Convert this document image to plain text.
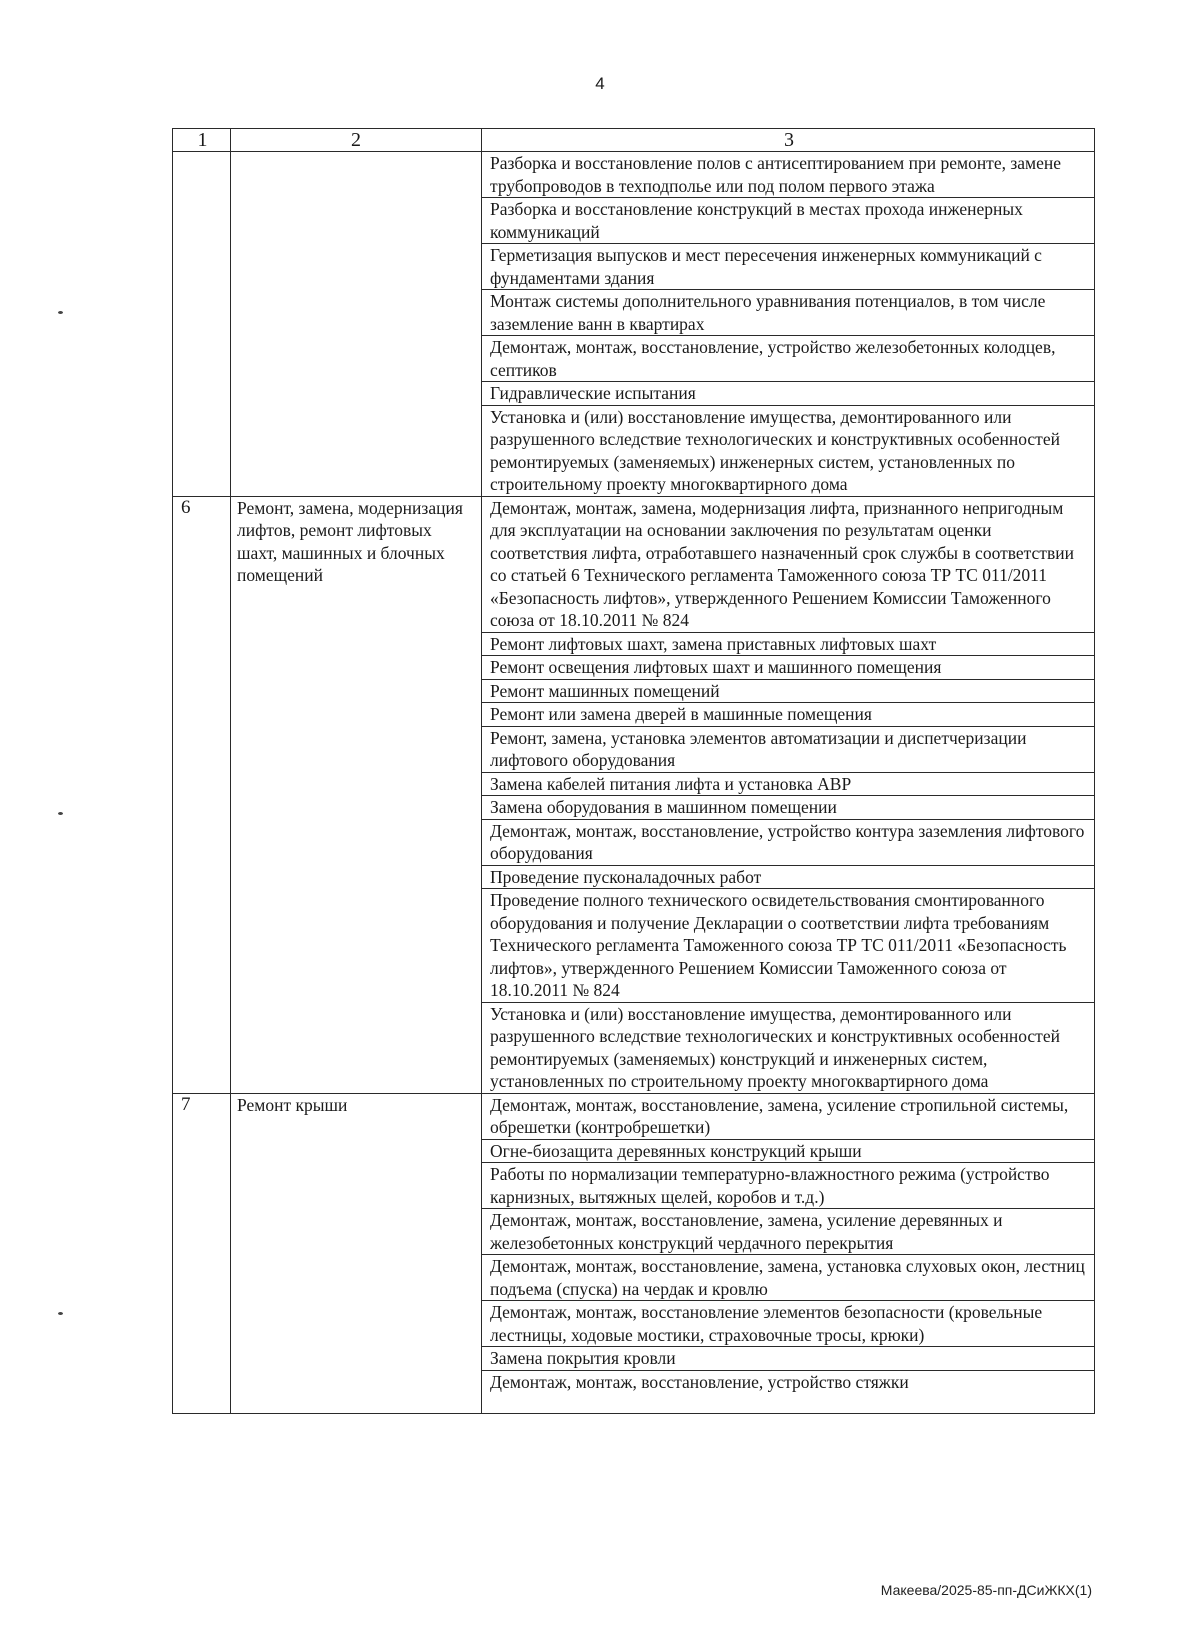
4
1	2	3
		Разборка и восстановление полов с антисептированием при ремонте, замене трубопроводов в техподполье или под полом первого этажа
		Разборка и восстановление конструкций в местах прохода инженерных коммуникаций
		Герметизация выпусков и мест пересечения инженерных коммуникаций с фундаментами здания
		Монтаж системы дополнительного уравнивания потенциалов, в том числе заземление ванн в квартирах
		Демонтаж, монтаж, восстановление, устройство железобетонных колодцев, септиков
		Гидравлические испытания
		Установка и (или) восстановление имущества, демонтированного или разрушенного вследствие технологических и конструктивных особенностей ремонтируемых (заменяемых) инженерных систем, установленных по строительному проекту многоквартирного дома
6	Ремонт, замена, модернизация лифтов, ремонт лифтовых шахт, машинных и блочных помещений	Демонтаж, монтаж, замена, модернизация лифта, признанного непригодным для эксплуатации на основании заключения по результатам оценки соответствия лифта, отработавшего назначенный срок службы в соответствии со статьей 6 Технического регламента Таможенного союза ТР ТС 011/2011 «Безопасность лифтов», утвержденного Решением Комиссии Таможенного союза от 18.10.2011 № 824
		Ремонт лифтовых шахт, замена приставных лифтовых шахт
		Ремонт освещения лифтовых шахт и машинного помещения
		Ремонт машинных помещений
		Ремонт или замена дверей в машинные помещения
		Ремонт, замена, установка элементов автоматизации и диспетчеризации лифтового оборудования
		Замена кабелей питания лифта и установка АВР
		Замена оборудования в машинном помещении
		Демонтаж, монтаж, восстановление, устройство контура заземления лифтового оборудования
		Проведение пусконаладочных работ
		Проведение полного технического освидетельствования смонтированного оборудования и получение Декларации о соответствии лифта требованиям Технического регламента Таможенного союза ТР ТС 011/2011 «Безопасность лифтов», утвержденного Решением Комиссии Таможенного союза от 18.10.2011 № 824
		Установка и (или) восстановление имущества, демонтированного или разрушенного вследствие технологических и конструктивных особенностей ремонтируемых (заменяемых) конструкций и инженерных систем, установленных по строительному проекту многоквартирного дома
7	Ремонт крыши	Демонтаж, монтаж, восстановление, замена, усиление стропильной системы, обрешетки (контробрешетки)
		Огне-биозащита деревянных конструкций крыши
		Работы по нормализации температурно-влажностного режима (устройство карнизных, вытяжных щелей, коробов и т.д.)
		Демонтаж, монтаж, восстановление, замена, усиление деревянных и железобетонных конструкций чердачного перекрытия
		Демонтаж, монтаж, восстановление, замена, установка слуховых окон, лестниц подъема (спуска) на чердак и кровлю
		Демонтаж, монтаж, восстановление элементов безопасности (кровельные лестницы, ходовые мостики, страховочные тросы, крюки)
		Замена покрытия кровли
		Демонтаж, монтаж, восстановление, устройство стяжки
Макеева/2025-85-пп-ДСиЖКХ(1)
